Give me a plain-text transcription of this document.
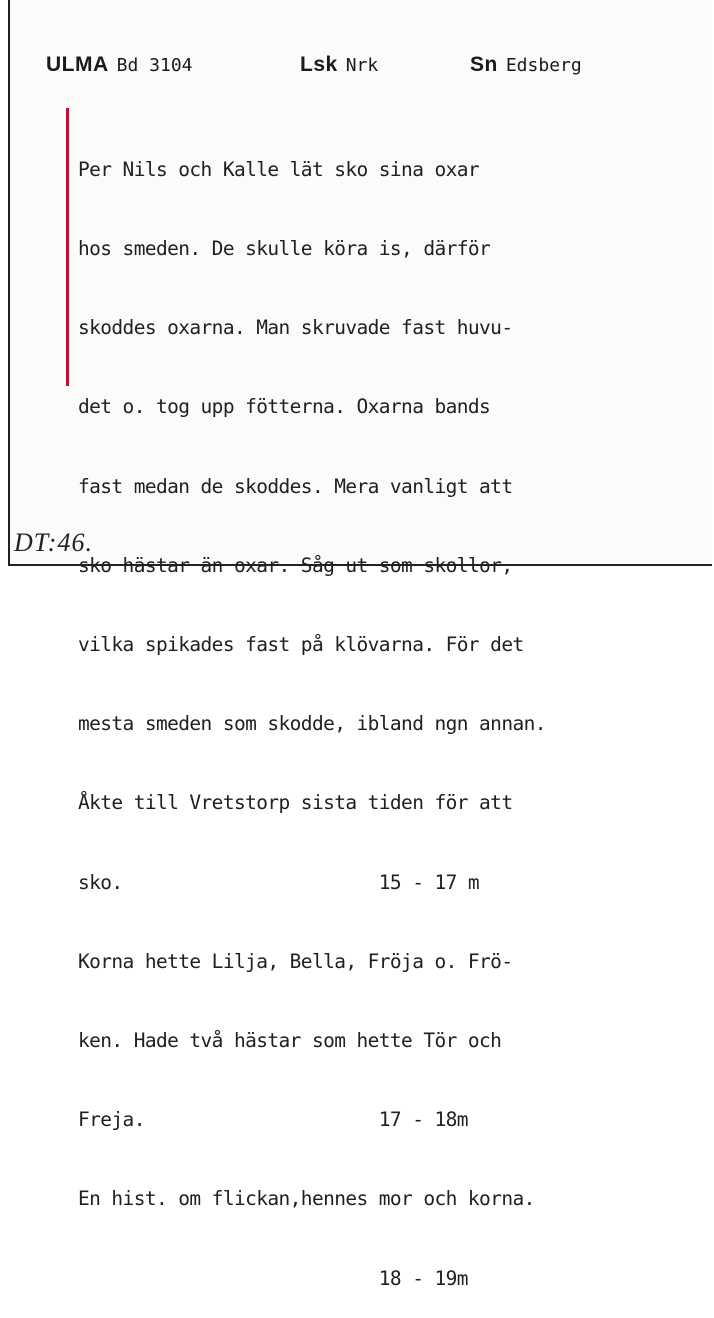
ULMA Bd 3104	Lsk Nrk	Sn Edsberg

Per Nils och Kalle lät sko sina oxar

hos smeden. De skulle köra is, därför

skoddes oxarna. Man skruvade fast huvu-

det o. tog upp fötterna. Oxarna bands

fast medan de skoddes. Mera vanligt att

sko hästar än oxar. Såg ut som skollor,

vilka spikades fast på klövarna. För det

mesta smeden som skodde, ibland ngn annan.

Åkte till Vretstorp sista tiden för att

sko.                       15 - 17 m

Korna hette Lilja, Bella, Fröja o. Frö-

ken. Hade två hästar som hette Tör och

Freja.                     17 - 18m

En hist. om flickan,hennes mor och korna.

18 - 19m

DT:46.
